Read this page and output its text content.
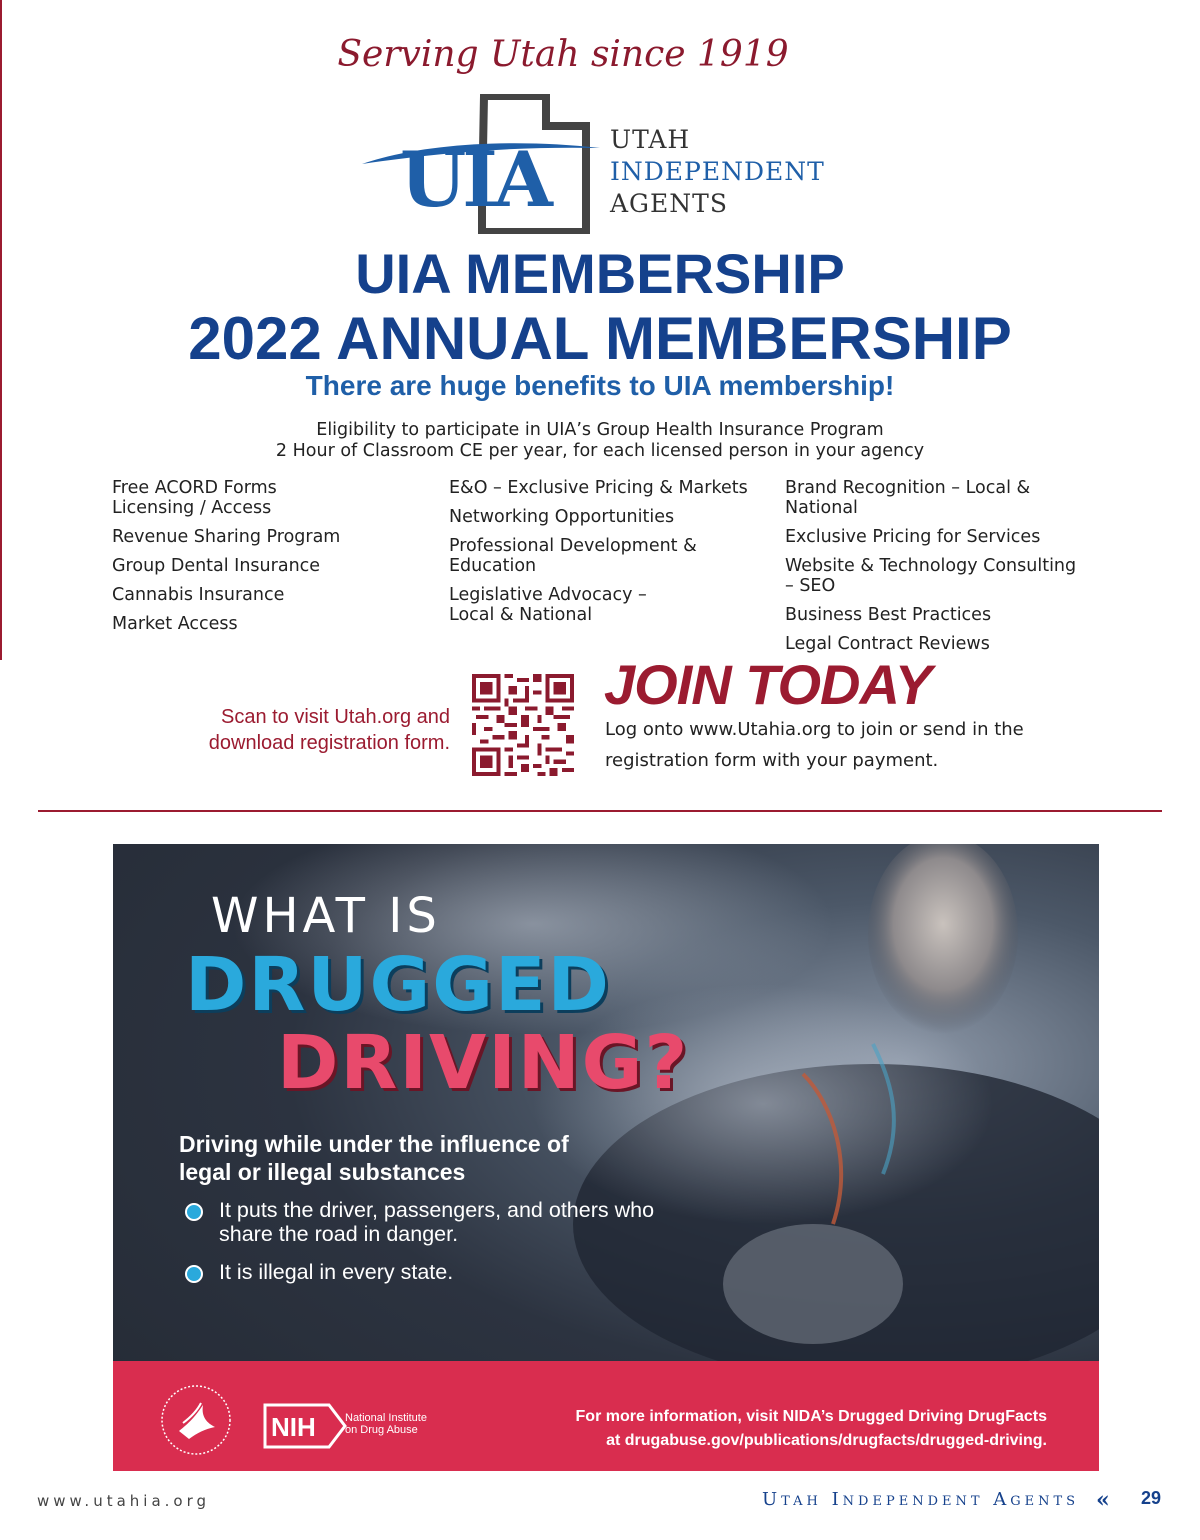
Serving Utah since 1919
UIA UTAH
INDEPENDENT
AGENTS
UIA MEMBERSHIP
2022 ANNUAL MEMBERSHIP
There are huge benefits to UIA membership!
Eligibility to participate in UIA’s Group Health Insurance Program
2 Hour of Classroom CE per year, for each licensed person in your agency
Free ACORD Forms Licensing / Access
Revenue Sharing Program
Group Dental Insurance
Cannabis Insurance
Market Access
E&O – Exclusive Pricing & Markets
Networking Opportunities
Professional Development & Education
Legislative Advocacy – Local & National
Brand Recognition – Local & National
Exclusive Pricing for Services
Website & Technology Consulting – SEO
Business Best Practices
Legal Contract Reviews
Scan to visit Utah.org and
download registration form.
JOIN TODAY
Log onto www.Utahia.org to join or send in the registration form with your payment.
WHAT IS
DRUGGED
DRIVING?
Driving while under the influence of legal or illegal substances
It puts the driver, passengers, and others who share the road in danger.
It is illegal in every state.
NIH	National Institute
on Drug Abuse
For more information, visit NIDA’s Drugged Driving DrugFacts
at drugabuse.gov/publications/drugfacts/drugged-driving.
www.utahia.org	Utah Independent Agents « 29
